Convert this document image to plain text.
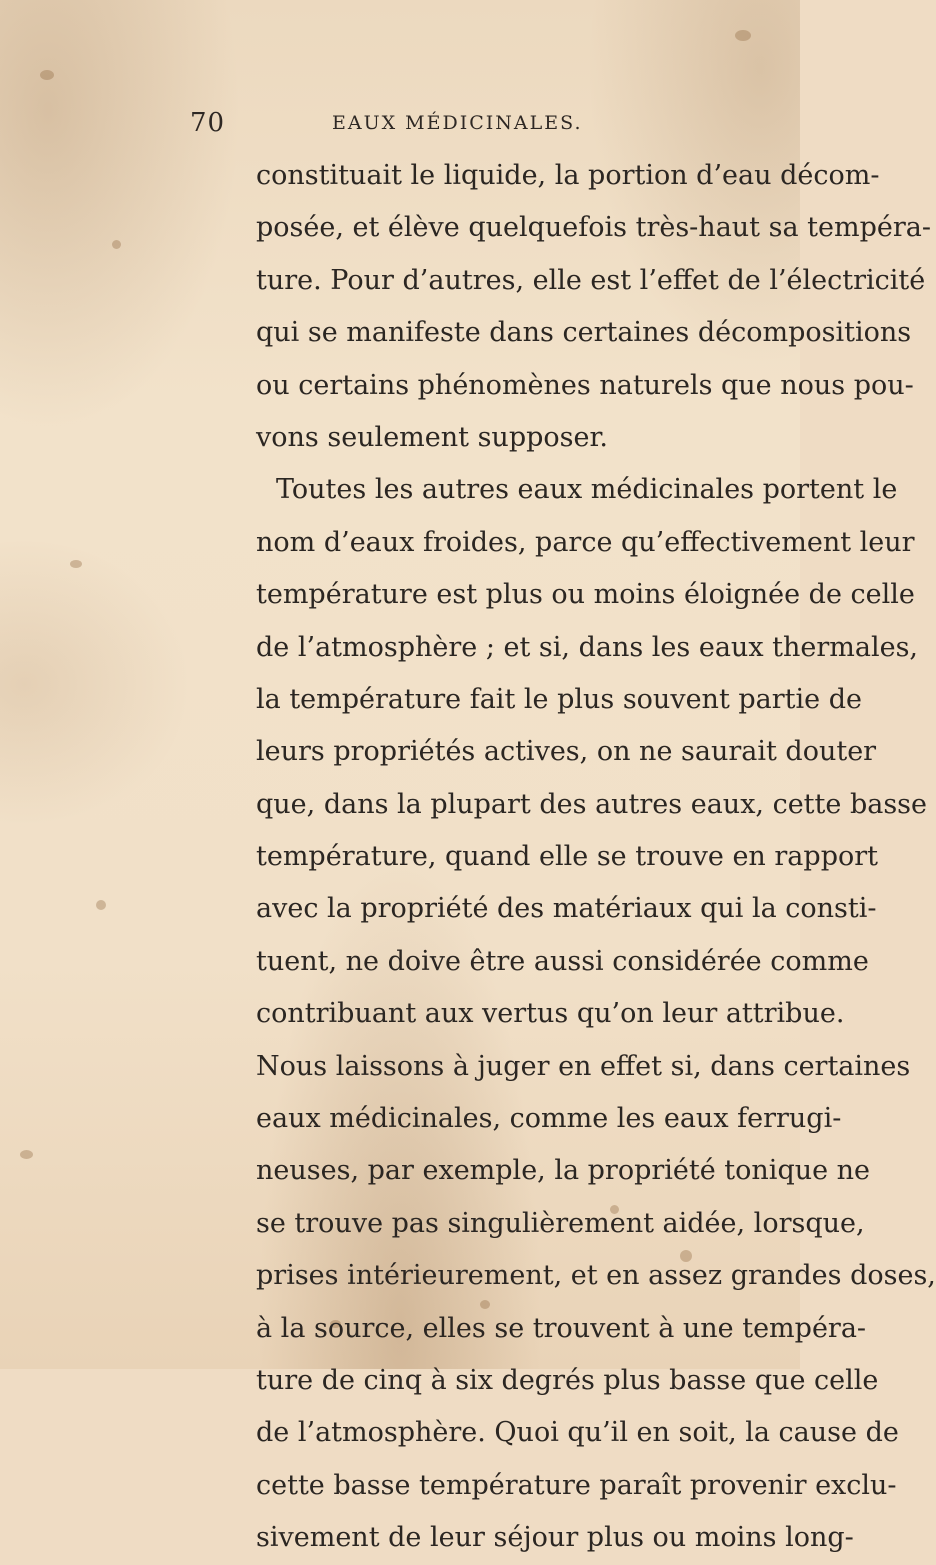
70	EAUX MÉDICINALES.
constituait le liquide, la portion d’eau décom-
posée, et élève quelquefois très-haut sa tempéra-
ture. Pour d’autres, elle est l’effet de l’électricité
qui se manifeste dans certaines décompositions
ou certains phénomènes naturels que nous pou-
vons seulement supposer.
Toutes les autres eaux médicinales portent le
nom d’eaux froides, parce qu’effectivement leur
température est plus ou moins éloignée de celle
de l’atmosphère ; et si, dans les eaux thermales,
la température fait le plus souvent partie de
leurs propriétés actives, on ne saurait douter
que, dans la plupart des autres eaux, cette basse
température, quand elle se trouve en rapport
avec la propriété des matériaux qui la consti-
tuent, ne doive être aussi considérée comme
contribuant aux vertus qu’on leur attribue.
Nous laissons à juger en effet si, dans certaines
eaux médicinales, comme les eaux ferrugi-
neuses, par exemple, la propriété tonique ne
se trouve pas singulièrement aidée, lorsque,
prises intérieurement, et en assez grandes doses,
à la source, elles se trouvent à une tempéra-
ture de cinq à six degrés plus basse que celle
de l’atmosphère. Quoi qu’il en soit, la cause de
cette basse température paraît provenir exclu-
sivement de leur séjour plus ou moins long-
